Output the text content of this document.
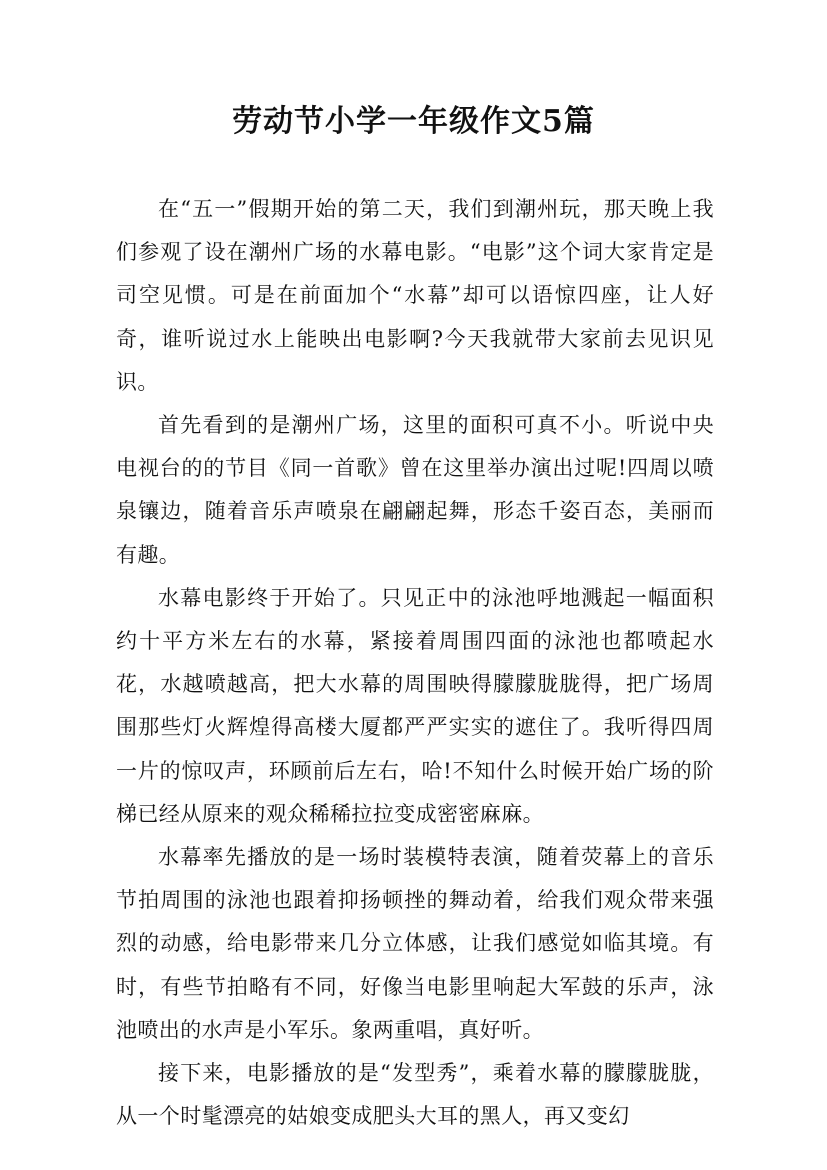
劳动节小学一年级作文5篇

在“五一”假期开始的第二天，我们到潮州玩，那天晚上我们参观了设在潮州广场的水幕电影。“电影”这个词大家肯定是司空见惯。可是在前面加个“水幕”却可以语惊四座，让人好奇，谁听说过水上能映出电影啊?今天我就带大家前去见识见识。

首先看到的是潮州广场，这里的面积可真不小。听说中央电视台的的节目《同一首歌》曾在这里举办演出过呢!四周以喷泉镶边，随着音乐声喷泉在翩翩起舞，形态千姿百态，美丽而有趣。

水幕电影终于开始了。只见正中的泳池呼地溅起一幅面积约十平方米左右的水幕，紧接着周围四面的泳池也都喷起水花，水越喷越高，把大水幕的周围映得朦朦胧胧得，把广场周围那些灯火辉煌得高楼大厦都严严实实的遮住了。我听得四周一片的惊叹声，环顾前后左右，哈!不知什么时候开始广场的阶梯已经从原来的观众稀稀拉拉变成密密麻麻。

水幕率先播放的是一场时装模特表演，随着荧幕上的音乐节拍周围的泳池也跟着抑扬顿挫的舞动着，给我们观众带来强烈的动感，给电影带来几分立体感，让我们感觉如临其境。有时，有些节拍略有不同，好像当电影里响起大军鼓的乐声，泳池喷出的水声是小军乐。象两重唱，真好听。

接下来，电影播放的是“发型秀”，乘着水幕的朦朦胧胧，从一个时髦漂亮的姑娘变成肥头大耳的黑人，再又变幻
